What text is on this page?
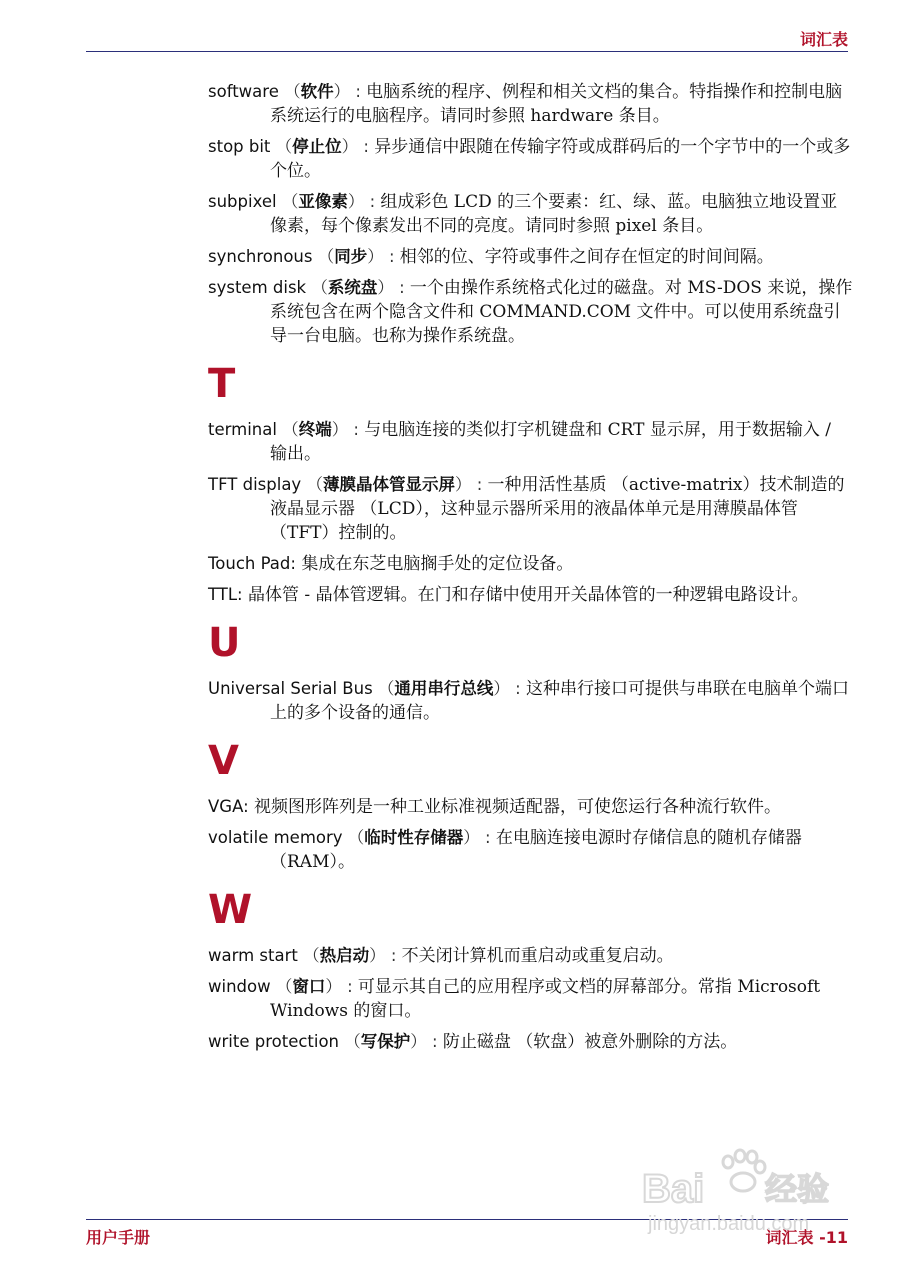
词汇表
software （软件） : 电脑系统的程序、例程和相关文档的集合。特指操作和控制电脑系统运行的电脑程序。请同时参照 hardware 条目。
stop bit （停止位） : 异步通信中跟随在传输字符或成群码后的一个字节中的一个或多个位。
subpixel （亚像素） : 组成彩色 LCD 的三个要素：红、绿、蓝。电脑独立地设置亚像素，每个像素发出不同的亮度。请同时参照 pixel 条目。
synchronous （同步） : 相邻的位、字符或事件之间存在恒定的时间间隔。
system disk （系统盘） : 一个由操作系统格式化过的磁盘。对 MS-DOS 来说，操作系统包含在两个隐含文件和 COMMAND.COM 文件中。可以使用系统盘引导一台电脑。也称为操作系统盘。
T
terminal （终端） : 与电脑连接的类似打字机键盘和 CRT 显示屏，用于数据输入 / 输出。
TFT display （薄膜晶体管显示屏） : 一种用活性基质 （active-matrix）技术制造的液晶显示器 （LCD），这种显示器所采用的液晶体单元是用薄膜晶体管 （TFT）控制的。
Touch Pad: 集成在东芝电脑搁手处的定位设备。
TTL: 晶体管 - 晶体管逻辑。在门和存储中使用开关晶体管的一种逻辑电路设计。
U
Universal Serial Bus （通用串行总线） : 这种串行接口可提供与串联在电脑单个端口上的多个设备的通信。
V
VGA: 视频图形阵列是一种工业标准视频适配器，可使您运行各种流行软件。
volatile memory （临时性存储器） : 在电脑连接电源时存储信息的随机存储器 （RAM）。
W
warm start （热启动） : 不关闭计算机而重启动或重复启动。
window （窗口） : 可显示其自己的应用程序或文档的屏幕部分。常指 Microsoft Windows 的窗口。
write protection （写保护） : 防止磁盘 （软盘）被意外删除的方法。
用户手册	词汇表 -11
Bai 经验
jingyan.baidu.com
